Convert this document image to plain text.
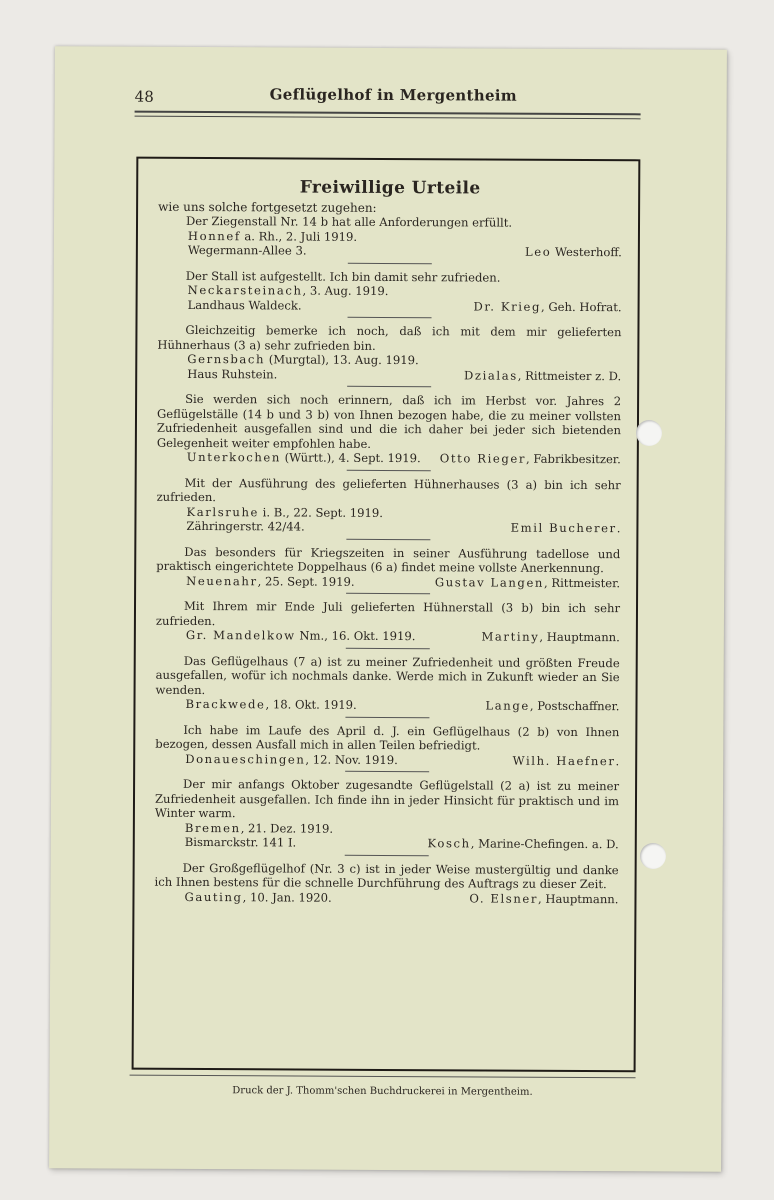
48	Geflügelhof in Mergentheim
Freiwillige Urteile
wie uns solche fortgesetzt zugehen:

Der Ziegenstall Nr. 14 b hat alle Anforderungen erfüllt.

Honnef a. Rh., 2. Juli 1919.
Wegermann-Allee 3.	Leo Westerhoff.

Der Stall ist aufgestellt. Ich bin damit sehr zufrieden.

Neckarsteinach, 3. Aug. 1919.
Landhaus Waldeck.	Dr. Krieg, Geh. Hofrat.

Gleichzeitig bemerke ich noch, daß ich mit dem mir gelieferten Hühnerhaus (3 a) sehr zufrieden bin.

Gernsbach (Murgtal), 13. Aug. 1919.
Haus Ruhstein.	Dzialas, Rittmeister z. D.

Sie werden sich noch erinnern, daß ich im Herbst vor. Jahres 2 Geflügelställe (14 b und 3 b) von Ihnen bezogen habe, die zu meiner vollsten Zufriedenheit ausgefallen sind und die ich daher bei jeder sich bietenden Gelegenheit weiter empfohlen habe.

Unterkochen (Württ.), 4. Sept. 1919. Otto Rieger, Fabrikbesitzer.

Mit der Ausführung des gelieferten Hühnerhauses (3 a) bin ich sehr zufrieden.

Karlsruhe i. B., 22. Sept. 1919.
Zähringerstr. 42/44.	Emil Bucherer.

Das besonders für Kriegszeiten in seiner Ausführung tadellose und praktisch eingerichtete Doppelhaus (6 a) findet meine vollste Anerkennung.

Neuenahr, 25. Sept. 1919.	Gustav Langen, Rittmeister.

Mit Ihrem mir Ende Juli gelieferten Hühnerstall (3 b) bin ich sehr zufrieden.

Gr. Mandelkow Nm., 16. Okt. 1919.	Martiny, Hauptmann.

Das Geflügelhaus (7 a) ist zu meiner Zufriedenheit und größten Freude ausgefallen, wofür ich nochmals danke. Werde mich in Zukunft wieder an Sie wenden.

Brackwede, 18. Okt. 1919.	Lange, Postschaffner.

Ich habe im Laufe des April d. J. ein Geflügelhaus (2 b) von Ihnen bezogen, dessen Ausfall mich in allen Teilen befriedigt.

Donaueschingen, 12. Nov. 1919.	Wilh. Haefner.

Der mir anfangs Oktober zugesandte Geflügelstall (2 a) ist zu meiner Zufriedenheit ausgefallen. Ich finde ihn in jeder Hinsicht für praktisch und im Winter warm.

Bremen, 21. Dez. 1919.
Bismarckstr. 141 I.	Kosch, Marine-Chefingen. a. D.

Der Großgeflügelhof (Nr. 3 c) ist in jeder Weise mustergültig und danke ich Ihnen bestens für die schnelle Durchführung des Auftrags zu dieser Zeit.

Gauting, 10. Jan. 1920.	O. Elsner, Hauptmann.
Druck der J. Thomm'schen Buchdruckerei in Mergentheim.
